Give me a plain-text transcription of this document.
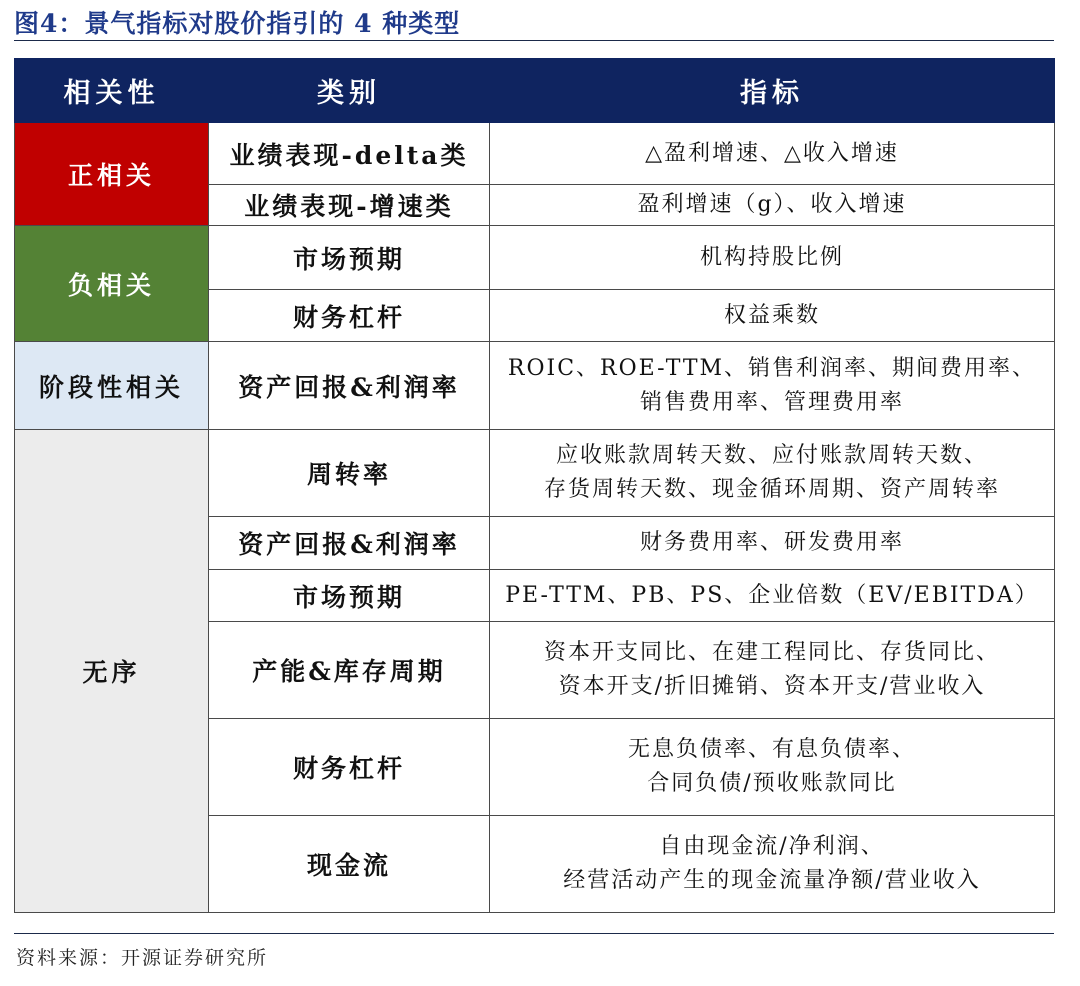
图4：景气指标对股价指引的 4 种类型
相关性	类别	指标
正相关	业绩表现-delta类	△盈利增速、△收入增速

	业绩表现-增速类	盈利增速（g）、收入增速

负相关	市场预期	机构持股比例

	财务杠杆	权益乘数

阶段性相关	资产回报&利润率	ROIC、ROE-TTM、销售利润率、期间费用率、
销售费用率、管理费用率

无序	周转率	应收账款周转天数、应付账款周转天数、
存货周转天数、现金循环周期、资产周转率

	资产回报&利润率	财务费用率、研发费用率

	市场预期	PE-TTM、PB、PS、企业倍数（EV/EBITDA）

	产能&库存周期	资本开支同比、在建工程同比、存货同比、
资本开支/折旧摊销、资本开支/营业收入

	财务杠杆	无息负债率、有息负债率、
合同负债/预收账款同比

	现金流	自由现金流/净利润、
经营活动产生的现金流量净额/营业收入
资料来源：开源证券研究所
